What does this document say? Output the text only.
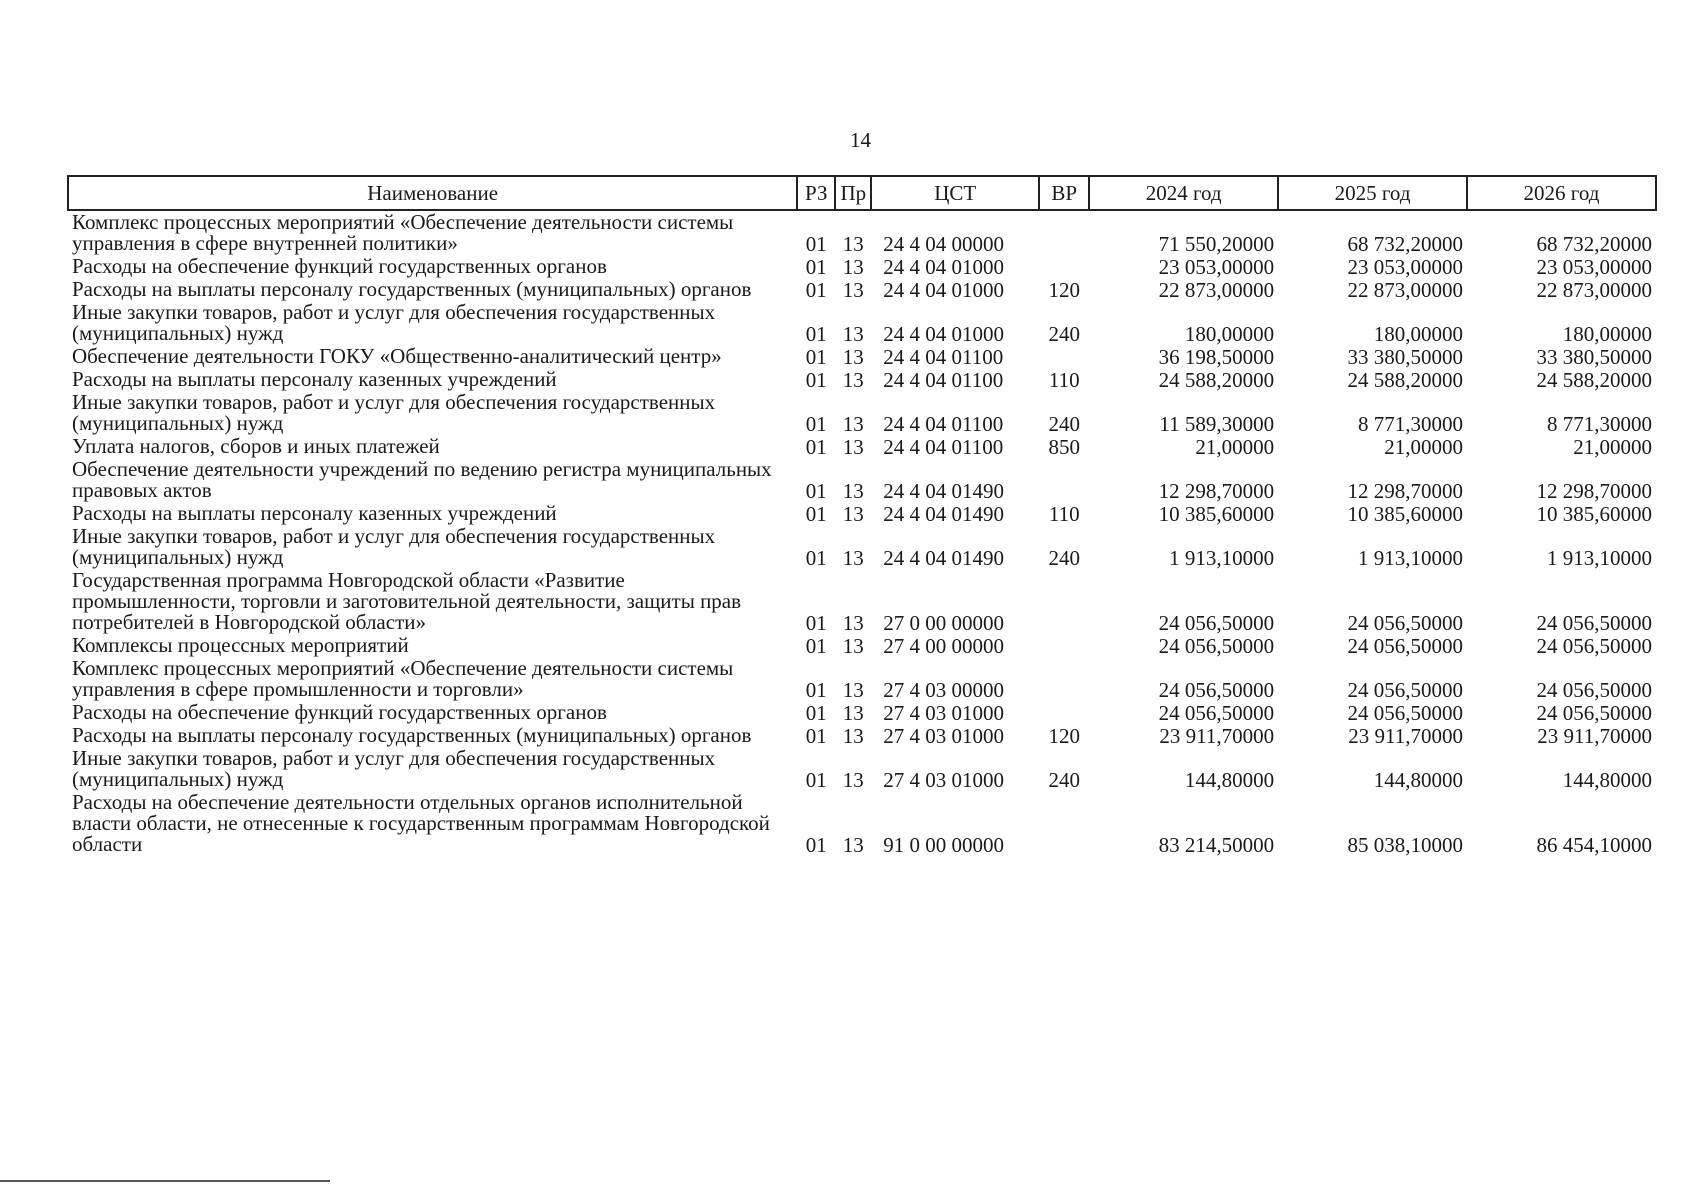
14
Наименование	РЗ	Пр	ЦСТ	ВР	2024 год	2025 год	2026 год
Комплекс процессных мероприятий «Обеспечение деятельности системы управления в сфере внутренней политики»	01	13	24 4 04 00000		71 550,20000	68 732,20000	68 732,20000
Расходы на обеспечение функций государственных органов	01	13	24 4 04 01000		23 053,00000	23 053,00000	23 053,00000
Расходы на выплаты персоналу государственных (муниципальных) органов	01	13	24 4 04 01000	120	22 873,00000	22 873,00000	22 873,00000
Иные закупки товаров, работ и услуг для обеспечения государственных (муниципальных) нужд	01	13	24 4 04 01000	240	180,00000	180,00000	180,00000
Обеспечение деятельности ГОКУ «Общественно-аналитический центр»	01	13	24 4 04 01100		36 198,50000	33 380,50000	33 380,50000
Расходы на выплаты персоналу казенных учреждений	01	13	24 4 04 01100	110	24 588,20000	24 588,20000	24 588,20000
Иные закупки товаров, работ и услуг для обеспечения государственных (муниципальных) нужд	01	13	24 4 04 01100	240	11 589,30000	8 771,30000	8 771,30000
Уплата налогов, сборов и иных платежей	01	13	24 4 04 01100	850	21,00000	21,00000	21,00000
Обеспечение деятельности учреждений по ведению регистра муниципальных правовых актов	01	13	24 4 04 01490		12 298,70000	12 298,70000	12 298,70000
Расходы на выплаты персоналу казенных учреждений	01	13	24 4 04 01490	110	10 385,60000	10 385,60000	10 385,60000
Иные закупки товаров, работ и услуг для обеспечения государственных (муниципальных) нужд	01	13	24 4 04 01490	240	1 913,10000	1 913,10000	1 913,10000
Государственная программа Новгородской области «Развитие промышленности, торговли и заготовительной деятельности, защиты прав потребителей в Новгородской области»	01	13	27 0 00 00000		24 056,50000	24 056,50000	24 056,50000
Комплексы процессных мероприятий	01	13	27 4 00 00000		24 056,50000	24 056,50000	24 056,50000
Комплекс процессных мероприятий «Обеспечение деятельности системы управления в сфере промышленности и торговли»	01	13	27 4 03 00000		24 056,50000	24 056,50000	24 056,50000
Расходы на обеспечение функций государственных органов	01	13	27 4 03 01000		24 056,50000	24 056,50000	24 056,50000
Расходы на выплаты персоналу государственных (муниципальных) органов	01	13	27 4 03 01000	120	23 911,70000	23 911,70000	23 911,70000
Иные закупки товаров, работ и услуг для обеспечения государственных (муниципальных) нужд	01	13	27 4 03 01000	240	144,80000	144,80000	144,80000
Расходы на обеспечение деятельности отдельных органов исполнительной власти области, не отнесенные к государственным программам Новгородской области	01	13	91 0 00 00000		83 214,50000	85 038,10000	86 454,10000
